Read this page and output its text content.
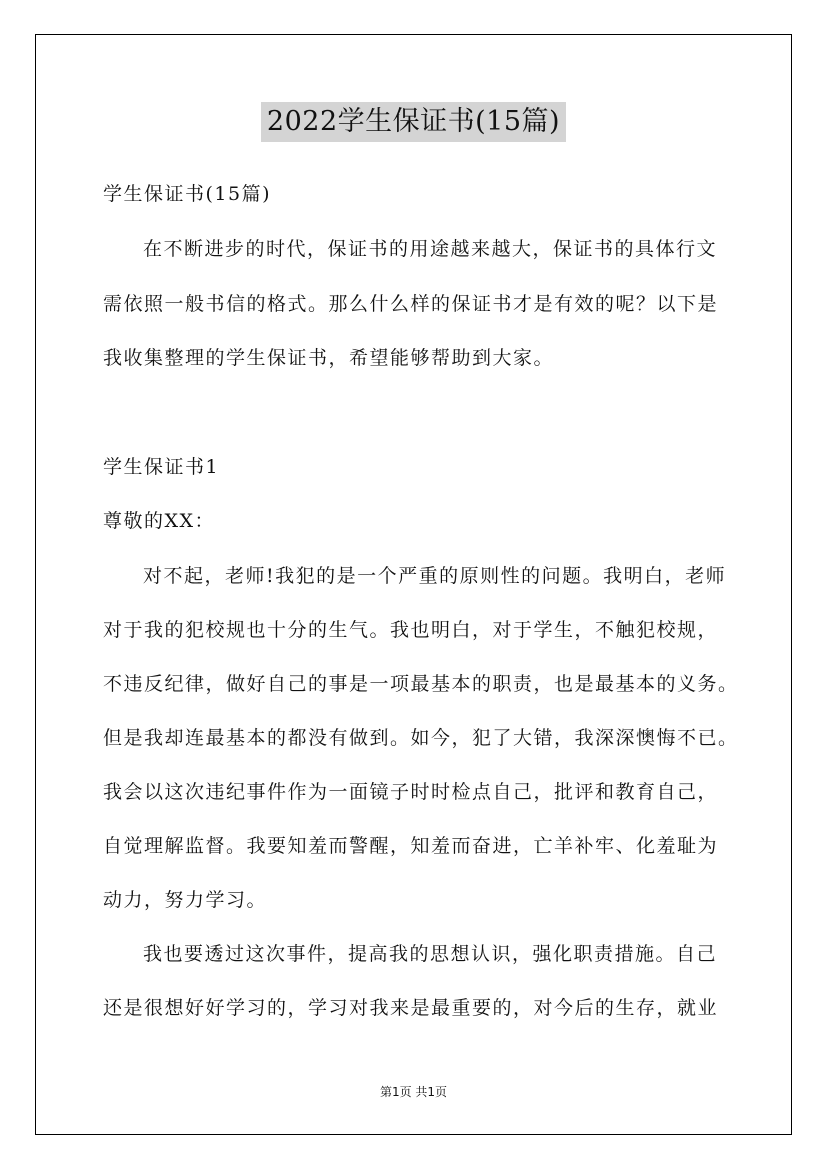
2022学生保证书(15篇)
学生保证书(15篇)
在不断进步的时代，保证书的用途越来越大，保证书的具体行文
需依照一般书信的格式。那么什么样的保证书才是有效的呢？以下是
我收集整理的学生保证书，希望能够帮助到大家。
学生保证书1
尊敬的XX：
对不起，老师!我犯的是一个严重的原则性的问题。我明白，老师
对于我的犯校规也十分的生气。我也明白，对于学生，不触犯校规，
不违反纪律，做好自己的事是一项最基本的职责，也是最基本的义务。
但是我却连最基本的都没有做到。如今，犯了大错，我深深懊悔不已。
我会以这次违纪事件作为一面镜子时时检点自己，批评和教育自己，
自觉理解监督。我要知羞而警醒，知羞而奋进，亡羊补牢、化羞耻为
动力，努力学习。
我也要透过这次事件，提高我的思想认识，强化职责措施。自己
还是很想好好学习的，学习对我来是最重要的，对今后的生存，就业
第1页 共1页
